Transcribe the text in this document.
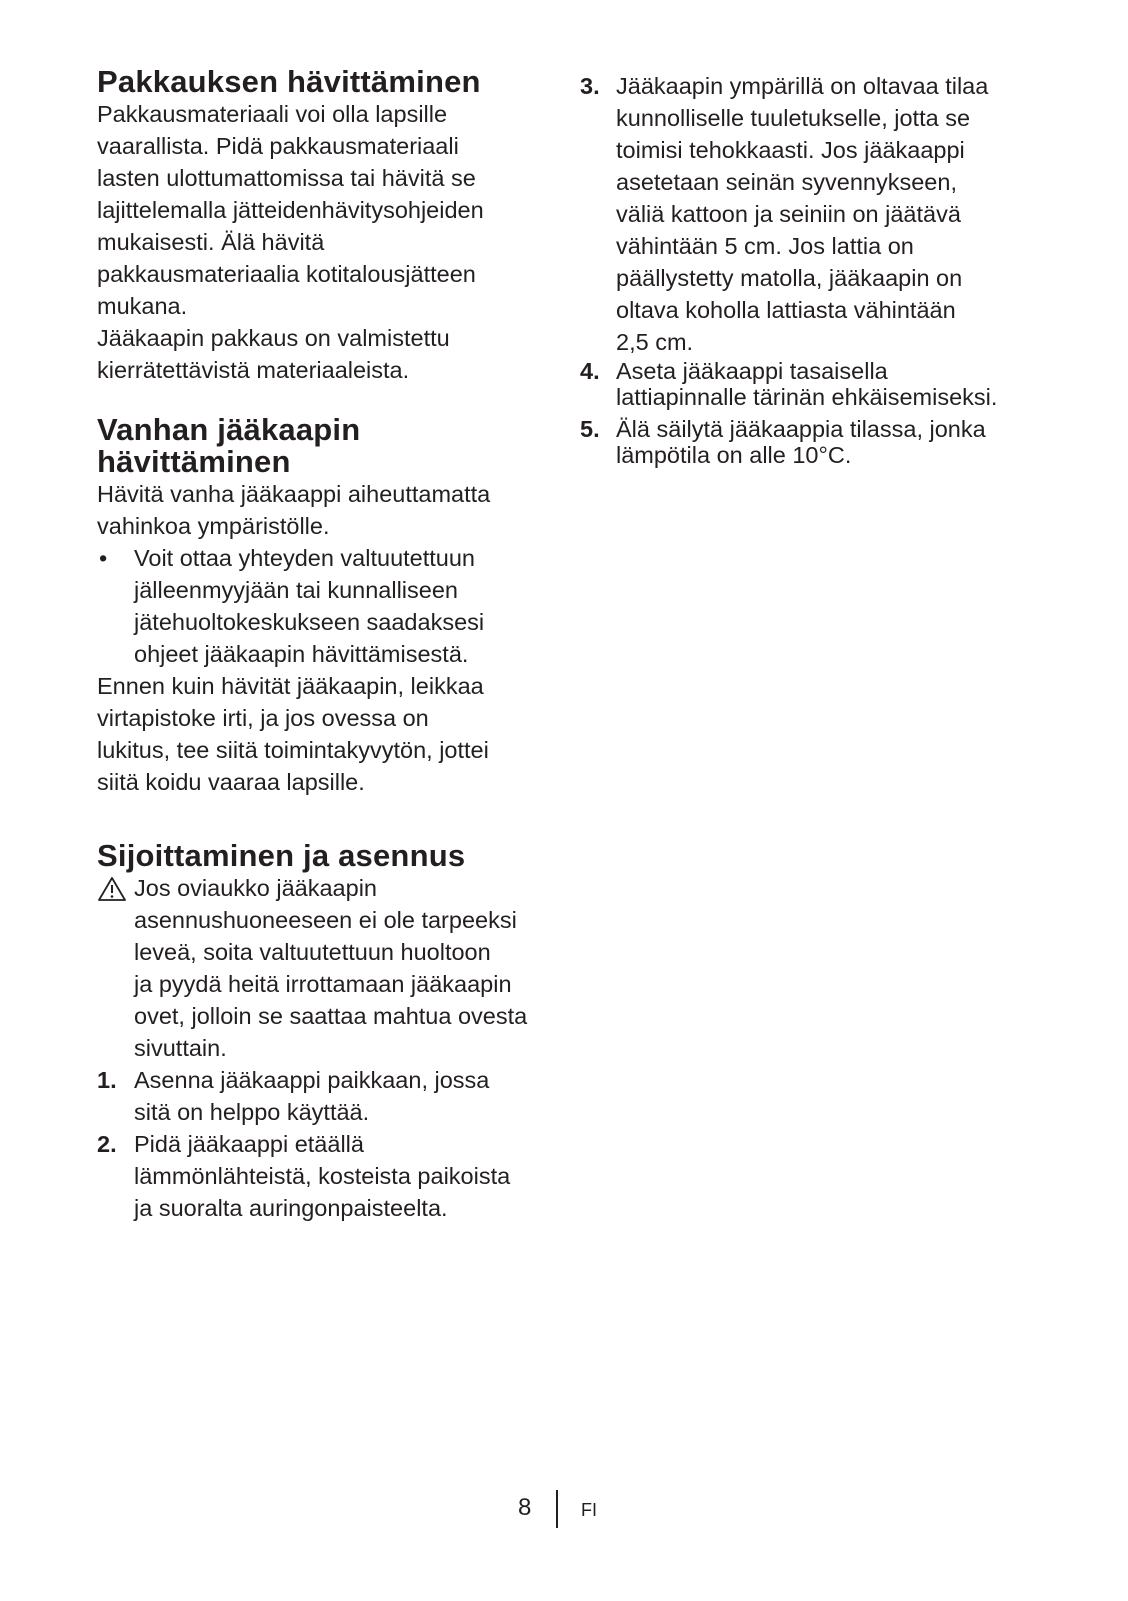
Pakkauksen hävittäminen
Pakkausmateriaali voi olla lapsille
vaarallista. Pidä pakkausmateriaali
lasten ulottumattomissa tai hävitä se
lajittelemalla jätteidenhävitysohjeiden
mukaisesti. Älä hävitä
pakkausmateriaalia kotitalousjätteen
mukana.
Jääkaapin pakkaus on valmistettu
kierrätettävistä materiaaleista.
Vanhan jääkaapin
hävittäminen
Hävitä vanha jääkaappi aiheuttamatta
vahinkoa ympäristölle.
• Voit ottaa yhteyden valtuutettuun
jälleenmyyjään tai kunnalliseen
jätehuoltokeskukseen saadaksesi
ohjeet jääkaapin hävittämisestä.
Ennen kuin hävität jääkaapin, leikkaa
virtapistoke irti, ja jos ovessa on
lukitus, tee siitä toimintakyvytön, jottei
siitä koidu vaaraa lapsille.
Sijoittaminen ja asennus
Jos oviaukko jääkaapin
asennushuoneeseen ei ole tarpeeksi
leveä, soita valtuutettuun huoltoon
ja pyydä heitä irrottamaan jääkaapin
ovet, jolloin se saattaa mahtua ovesta
sivuttain.
1. Asenna jääkaappi paikkaan, jossa
sitä on helppo käyttää.
2. Pidä jääkaappi etäällä
lämmönlähteistä, kosteista paikoista
ja suoralta auringonpaisteelta.
3. Jääkaapin ympärillä on oltavaa tilaa
kunnolliselle tuuletukselle, jotta se
toimisi tehokkaasti. Jos jääkaappi
asetetaan seinän syvennykseen,
väliä kattoon ja seiniin on jäätävä
vähintään 5 cm. Jos lattia on
päällystetty matolla, jääkaapin on
oltava koholla lattiasta vähintään
2,5 cm.
4. Aseta jääkaappi tasaisella
lattiapinnalle tärinän ehkäisemiseksi.
5. Älä säilytä jääkaappia tilassa, jonka
lämpötila on alle 10°C.
8	FI
